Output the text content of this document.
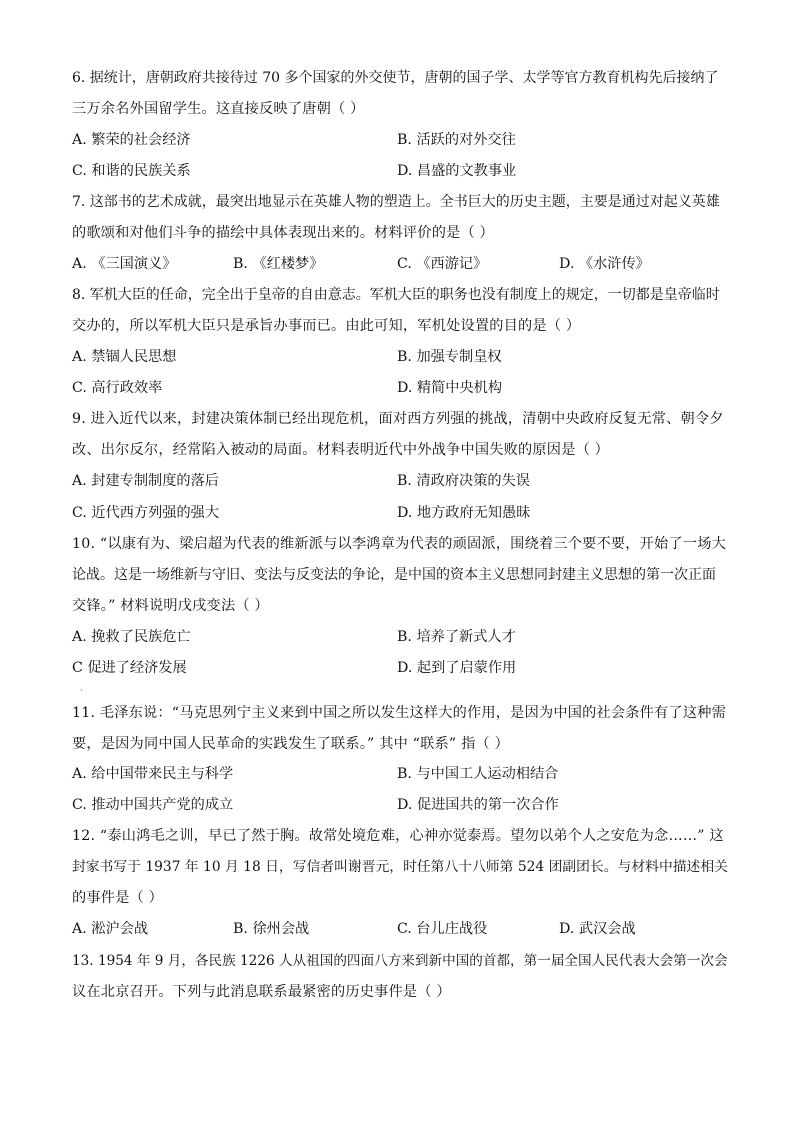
6. 据统计，唐朝政府共接待过 70 多个国家的外交使节，唐朝的国子学、太学等官方教育机构先后接纳了
三万余名外国留学生。这直接反映了唐朝（ ）
A. 繁荣的社会经济	B. 活跃的对外交往
C. 和谐的民族关系	D. 昌盛的文教事业
7. 这部书的艺术成就，最突出地显示在英雄人物的塑造上。全书巨大的历史主题，主要是通过对起义英雄
的歌颂和对他们斗争的描绘中具体表现出来的。材料评价的是（ ）
A. 《三国演义》	B. 《红楼梦》	C. 《西游记》	D. 《水浒传》
8. 军机大臣的任命，完全出于皇帝的自由意志。军机大臣的职务也没有制度上的规定，一切都是皇帝临时
交办的，所以军机大臣只是承旨办事而已。由此可知，军机处设置的目的是（ ）
A. 禁锢人民思想	B. 加强专制皇权
C. 高行政效率	D. 精简中央机构
9. 进入近代以来，封建决策体制已经出现危机，面对西方列强的挑战，清朝中央政府反复无常、朝令夕
改、出尔反尔，经常陷入被动的局面。材料表明近代中外战争中国失败的原因是（ ）
A. 封建专制制度的落后	B. 清政府决策的失误
C. 近代西方列强的强大	D. 地方政府无知愚昧
10. “以康有为、梁启超为代表的维新派与以李鸿章为代表的顽固派，围绕着三个要不要，开始了一场大
论战。这是一场维新与守旧、变法与反变法的争论，是中国的资本主义思想同封建主义思想的第一次正面
交锋。” 材料说明戊戌变法（ ）
A. 挽救了民族危亡	B. 培养了新式人才
C 促进了经济发展	D. 起到了启蒙作用
·
11. 毛泽东说：“马克思列宁主义来到中国之所以发生这样大的作用，是因为中国的社会条件有了这种需
要，是因为同中国人民革命的实践发生了联系。” 其中 “联系” 指（ ）
A. 给中国带来民主与科学	B. 与中国工人运动相结合
C. 推动中国共产党的成立	D. 促进国共的第一次合作
12. “泰山鸿毛之训，早已了然于胸。故常处境危难，心神亦觉泰焉。望勿以弟个人之安危为念……” 这
封家书写于 1937 年 10 月 18 日，写信者叫谢晋元，时任第八十八师第 524 团副团长。与材料中描述相关
的事件是（ ）
A. 淞沪会战	B. 徐州会战	C. 台儿庄战役	D. 武汉会战
13. 1954 年 9 月，各民族 1226 人从祖国的四面八方来到新中国的首都，第一届全国人民代表大会第一次会
议在北京召开。下列与此消息联系最紧密的历史事件是（ ）
